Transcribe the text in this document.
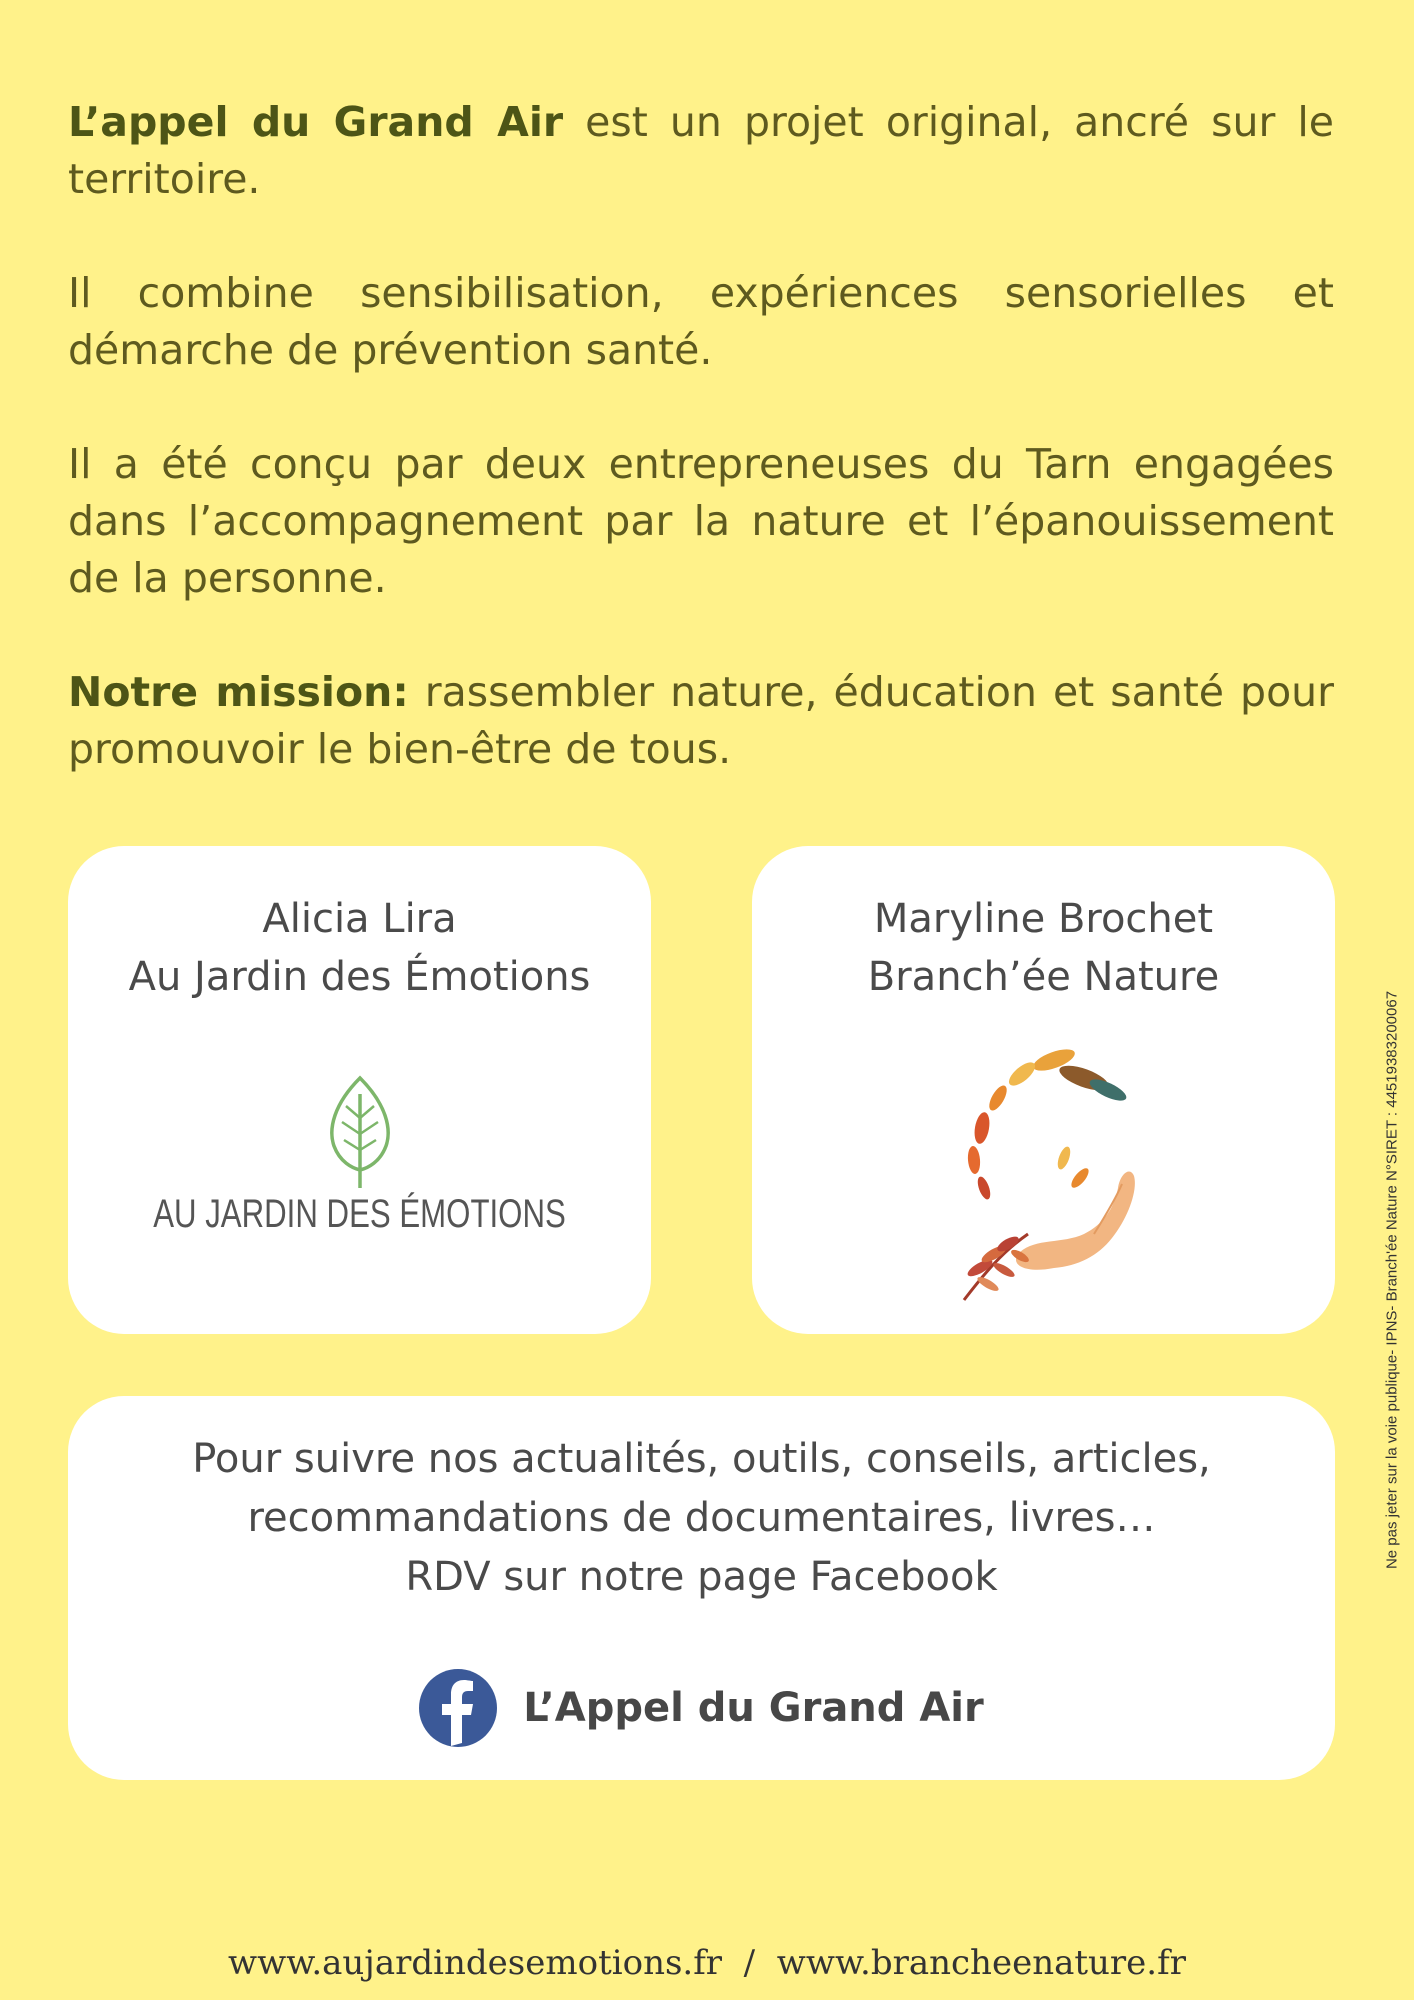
L’appel du Grand Air est un projet original, ancré sur le territoire.

Il combine sensibilisation, expériences sensorielles et démarche de prévention santé.

Il a été conçu par deux entrepreneuses du Tarn engagées dans l’accompagnement par la nature et l’épanouissement de la personne.

Notre mission: rassembler nature, éducation et santé pour promouvoir le bien-être de tous.

Alicia Lira
Au Jardin des Émotions
AU JARDIN DES ÉMOTIONS
Maryline Brochet
Branch’ée Nature
Pour suivre nos actualités, outils, conseils, articles,
recommandations de documentaires, livres…
RDV sur notre page Facebook
L’Appel du Grand Air
Ne pas jeter sur la voie publique- IPNS- Branch'ée Nature N°SIRET : 44519383200067
www.aujardindesemotions.fr  /  www.brancheenature.fr
